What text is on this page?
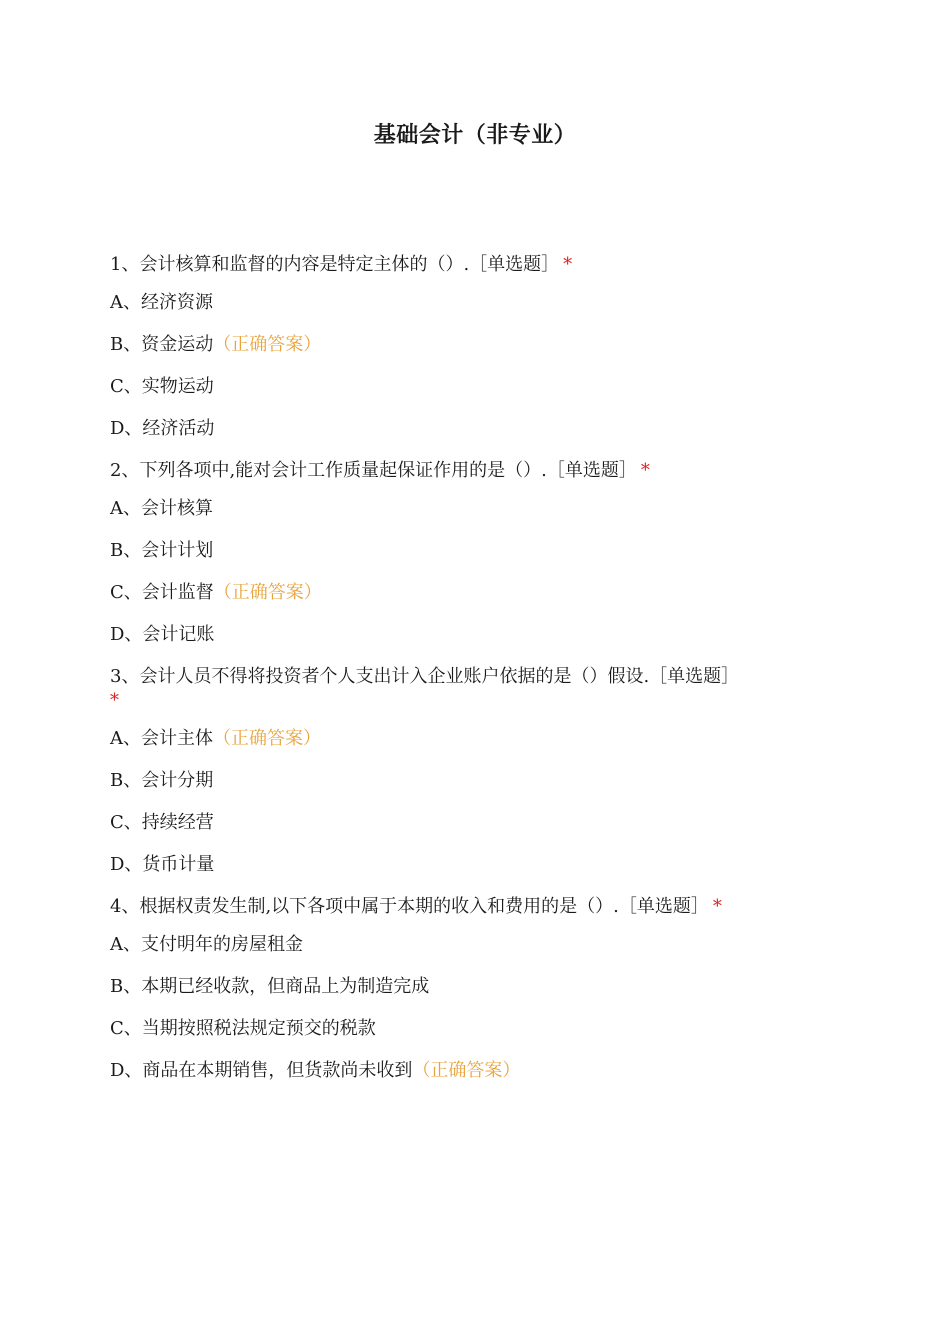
基础会计（非专业）
1、会计核算和监督的内容是特定主体的（）.［单选题］ *
A、经济资源
B、资金运动（正确答案）
C、实物运动
D、经济活动
2、下列各项中,能对会计工作质量起保证作用的是（）.［单选题］ *
A、会计核算
B、会计计划
C、会计监督（正确答案）
D、会计记账
3、会计人员不得将投资者个人支出计入企业账户依据的是（）假设.［单选题］
*
A、会计主体（正确答案）
B、会计分期
C、持续经营
D、货币计量
4、根据权责发生制,以下各项中属于本期的收入和费用的是（）.［单选题］ *
A、支付明年的房屋租金
B、本期已经收款，但商品上为制造完成
C、当期按照税法规定预交的税款
D、商品在本期销售，但货款尚未收到（正确答案）
